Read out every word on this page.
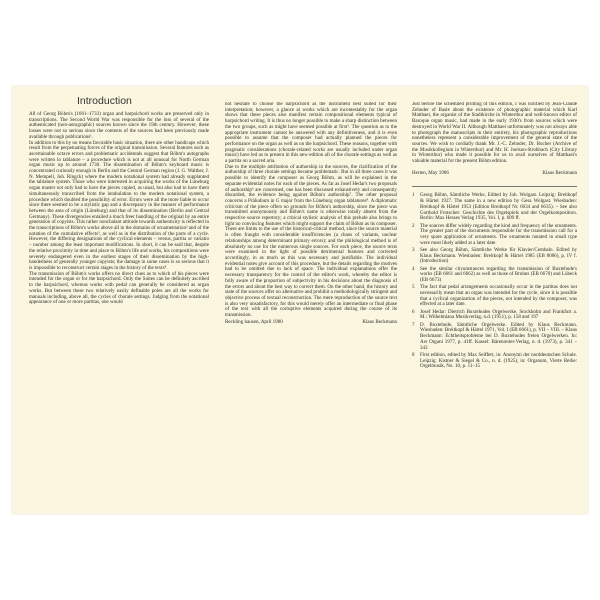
Introduction

All of Georg Böhm's (1661–1733) organ and harpsichord works are preserved only in transcriptions. The Second World War was responsible for the loss of several of the authenticated (non-autographic) sources known since the 19th century. However, these losses were not so serious since the contents of the sources had been previously made available through publications¹.

In addition to this by no means favorable basic situation, there are other handicaps which result from the perpetuating forces of the original transmission. Several features such as ascertainable octave errors and problematic accidentals suggest that Böhm's autographs were written in tablature – a procedure which is not at all unusual for North German organ music up to around 1730. The dissemination of Böhm's keyboard music is concentrated curiously enough in Berlin and the Central German region (J. G. Walther, J. N. Mempell, Joh. Ringck) where the modern notational system had already supplanted the tablature system. Those who were interested in acquiring the works of the Lüneburg organ master not only had to have the pieces copied, as usual, but also had to have them simultaneously transcribed from the intabulation to the modern notational system, a procedure which doubled the possibility of error. Errors were all the more liable to occur since there seemed to be a stylistic gap and a discrepancy in the manner of performance between the area of origin (Lüneburg) and that of its dissemination (Berlin and Central Germany). These divergencies entailed a much freer handling of the original by an entire generation of copyists. This rather nonchalant attitude towards authenticity is reflected in the transcriptions of Böhm's works above all in the domains of ornamentation² and of the notation of the cumulative effects³, as well as in the distribution of the parts of a cycle. However, the differing designations of the cyclical elements – versus, partita or variatio – number among the least important modifications. In short, it can be said that, despite the relative proximity in time and place to Böhm's life and works, his compositions were severely endangered even in the earliest stages of their dissemination by the high-handedness of generally younger copyists; the damage in some cases is so serious that it is impossible to reconstruct certain stages in the history of the texts⁴.

The transmission of Böhm's works offers no direct clues as to which of his pieces were intended for the organ or for the harpsichord. Only the Suites can be definitely ascribed to the harpsichord, whereas works with pedal can generally be considered as organ works. But between these two relatively easily definable poles are all the works for manuals including, above all, the cycles of chorale settings. Judging from the notational appearance of one or more partitas, one would

not hesitate to choose the harpsichord as the instrument best suited for their interpretation; however, a glance at works which are incontestably for the organ shows that these pieces also manifest certain compositional elements typical of harpsichord writing. It is thus no longer possible to make a sharp distinction between the two groups, such as might have seemed possible at first⁵. The question as to the appropriate instrument cannot be answered with any definitiveness, and it is even possible to assume that the composer had actually planned the pieces for performance on the organ as well as on the harpsichord. These reasons, together with pragmatic considerations (chorale-related works are usually included under organ music) have led us to present in this new edition all of the chorale settings as well as a partita on a sacred aria.

Due to the multiple attribution of authorship in the sources, the clarification of the authorship of three chorale settings became problematic. But in all three cases it was possible to identify the composer as Georg Böhm, as will be explained in the separate evidential notes for each of the pieces. As far as Josef Hedar's two proposals of authorship⁶ are concerned, one has been discussed exhaustively and consequently discarded, the evidence being against Böhm's authorship⁷. The other proposal concerns a Präludium in G major from the Lüneburg organ tablatures⁸. A diplomatic criticism of the piece offers no grounds for Böhm's authorship, since the piece was transmitted anonymously and Böhm's name is otherwise totally absent from the respective source repertory; a critical stylistic analysis of this prelude also brings to light no convincing features which might support the claim of Böhm as its composer.

There are limits to the use of the historical-critical method, since the source material is often fraught with considerable insufficiencies (a chaos of variants, unclear relationships among determinant primary errors); and the philological method is of absolutely no use for the numerous single sources. For each piece, the source texts were examined in the light of possible detrimental features and corrected accordingly, in as much as this was necessary and justifiable. The individual evidential notes give account of this procedure, but the details regarding the motives had to be omitted due to lack of space. The individual explanations offer the necessary transparency for the control of the editor's work, whereby the editor is fully aware of the proportion of subjectivity in his decisions about the diagnosis of the errors and about the best way to correct them. On the other hand, the history and state of the sources offer no alternative and prohibit a methodologically stringent and objective process of textual reconstruction. The mere reproduction of the source text is also very unsatisfactory, for this would merely offer an intermediate or final phase of the text with all the corruptive elements acquired during the course of its transmission.

Reckling hausen, April 1980	Klaus Beckmann

Just before the scheduled printing of this edition, I was notified by Jean-Claude Zehnder of Basle about the existence of photographic material which Karl Matthaei, the organist of the Stadtkirche in Winterthur and well-known editor of Baroque organ music, had made in the early 1930's from sources which were destroyed in World War II. Although Matthaei unfortunately was not always able to photograph the manuscripts in their entirety, his photographic reproductions nonetheless represent a considerable improvement of the general state of the sources. We wish to cordially thank Mr. J.-C. Zehnder, Dr. Bucher (Archive of the Musikkollegium in Winterthur) and Mr. H. Joelson-Strohbach (City Library in Winterthur) who made it possible for us to avail ourselves of Matthaei's valuable material for the present Böhm edition.

Herten, May 1986	Klaus Beckmann
1	Georg Böhm, Sämtliche Werke, Edited by Joh. Wolgast. Leipzig: Breitkopf & Härtel 1927. The same in a new edition by Gesa Wolgast. Wiesbaden: Breitkopf & Härtel 1953 (Edition Breitkopf Nr. 6634 and 6635). – See also Gotthold Frotscher: Geschichte des Orgelspiels und der Orgelkomposition. Berlin: Max Hesses Verlag 1935, Vol. I, p. 609 ff.
2	The sources differ widely regarding the kind and frequency of the ornaments. The greater part of the documents responsible for the transmission call for a very spare application of ornaments. The ornaments notated in small type were most likely added at a later date.
3	See also Georg Böhm, Sämtliche Werke für Klavier/Cembalo. Edited by Klaus Beckmann. Wiesbaden: Breitkopf & Härtel 1985 (EB 8086), p. IV f. (Introduction)
4	See the similar circumstances regarding the transmission of Buxtehude's works (EB 6661 and 6662) as well as those of Bruhns (EB 6670) and Lübeck (EB 6673)
5	The fact that pedal arrangements occasionally occur in the partitas does not necessarily mean that an organ was intended for the cycle, since it is possible that a cyclical organization of the pieces, not intended by the composer, was effected at a later date.
6	Josef Hedar: Dietrich Buxtehudes Orgelwerke. Stockholm and Frankfurt a. M.: Wilhelmiana Musikverlag, n.d. (1951), p. 158 and 197
7	D. Buxtehude, Sämtliche Orgelwerke. Edited by Klaus Beckmann. Wiesbaden: Breitkopf & Härtel 1971, Vol. I (EB 6661), p. VII – VIII. – Klaus Beckmann: Echtheitsprobleme bei D. Buxtehudes freien Orgelwerken. In: Ars Organi 1977, p. 41ff. Kassel: Bärenreiter-Verlag, n. d. (1973), p. 341 – 343
8	First edition, edited by Max Seiffert, in: Anonymi der norddeutschen Schule. Leipzig: Kistner & Siegel & Co., n. d. (1925), in: Organum, Vierte Reihe: Orgelmusik, No. 10, p. 11–15
